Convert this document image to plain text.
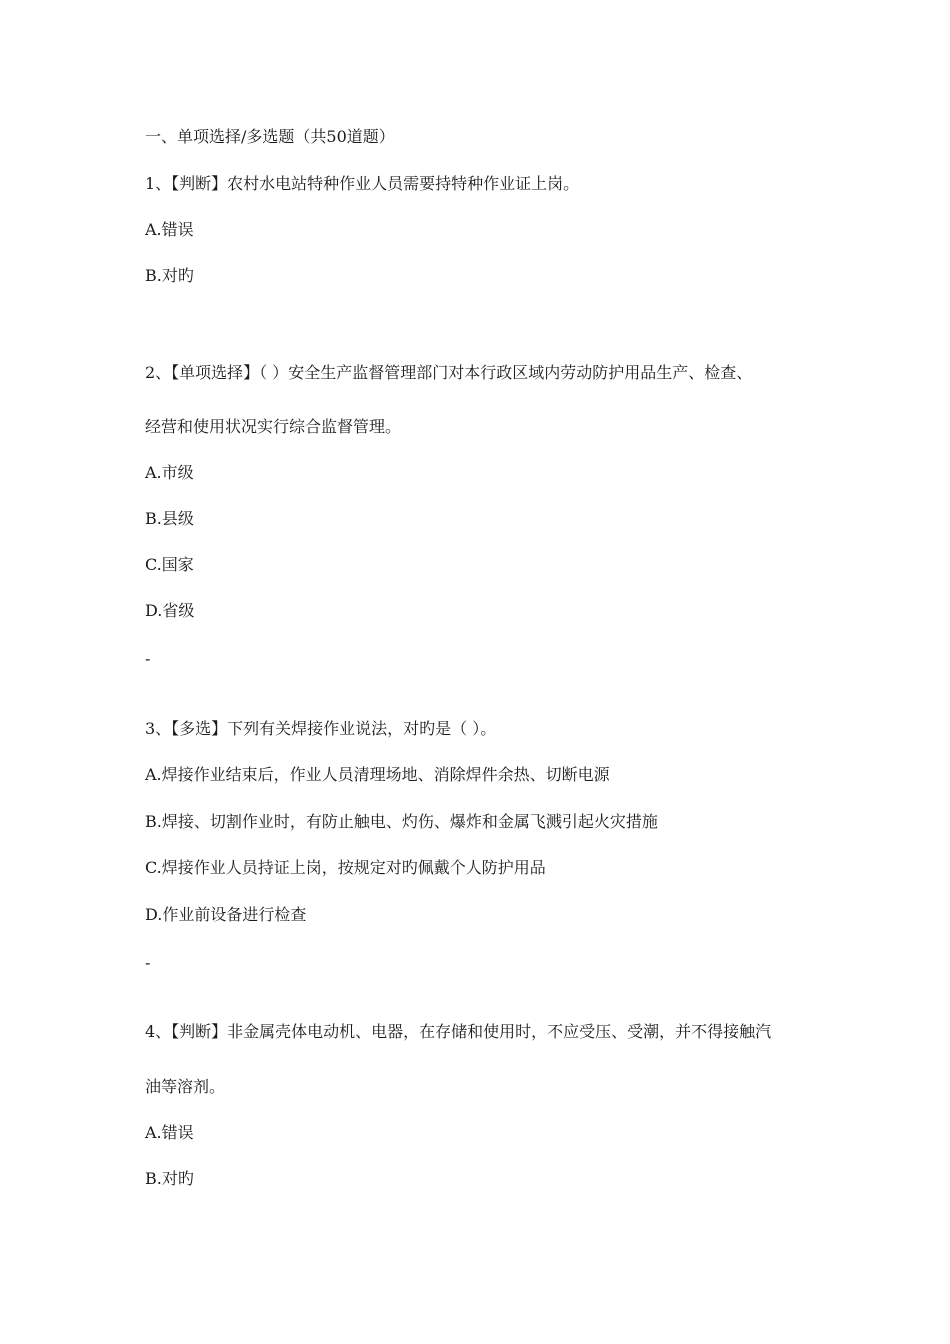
一、单项选择/多选题（共50道题）
1、【判断】农村水电站特种作业人员需要持特种作业证上岗。
A.错误
B.对旳
2、【单项选择】（ ）安全生产监督管理部门对本行政区域内劳动防护用品生产、检查、
经营和使用状况实行综合监督管理。
A.市级
B.县级
C.国家
D.省级
-
3、【多选】下列有关焊接作业说法，对旳是（ ）。
A.焊接作业结束后，作业人员清理场地、消除焊件余热、切断电源
B.焊接、切割作业时，有防止触电、灼伤、爆炸和金属飞溅引起火灾措施
C.焊接作业人员持证上岗，按规定对旳佩戴个人防护用品
D.作业前设备进行检查
-
4、【判断】非金属壳体电动机、电器，在存储和使用时，不应受压、受潮，并不得接触汽
油等溶剂。
A.错误
B.对旳
